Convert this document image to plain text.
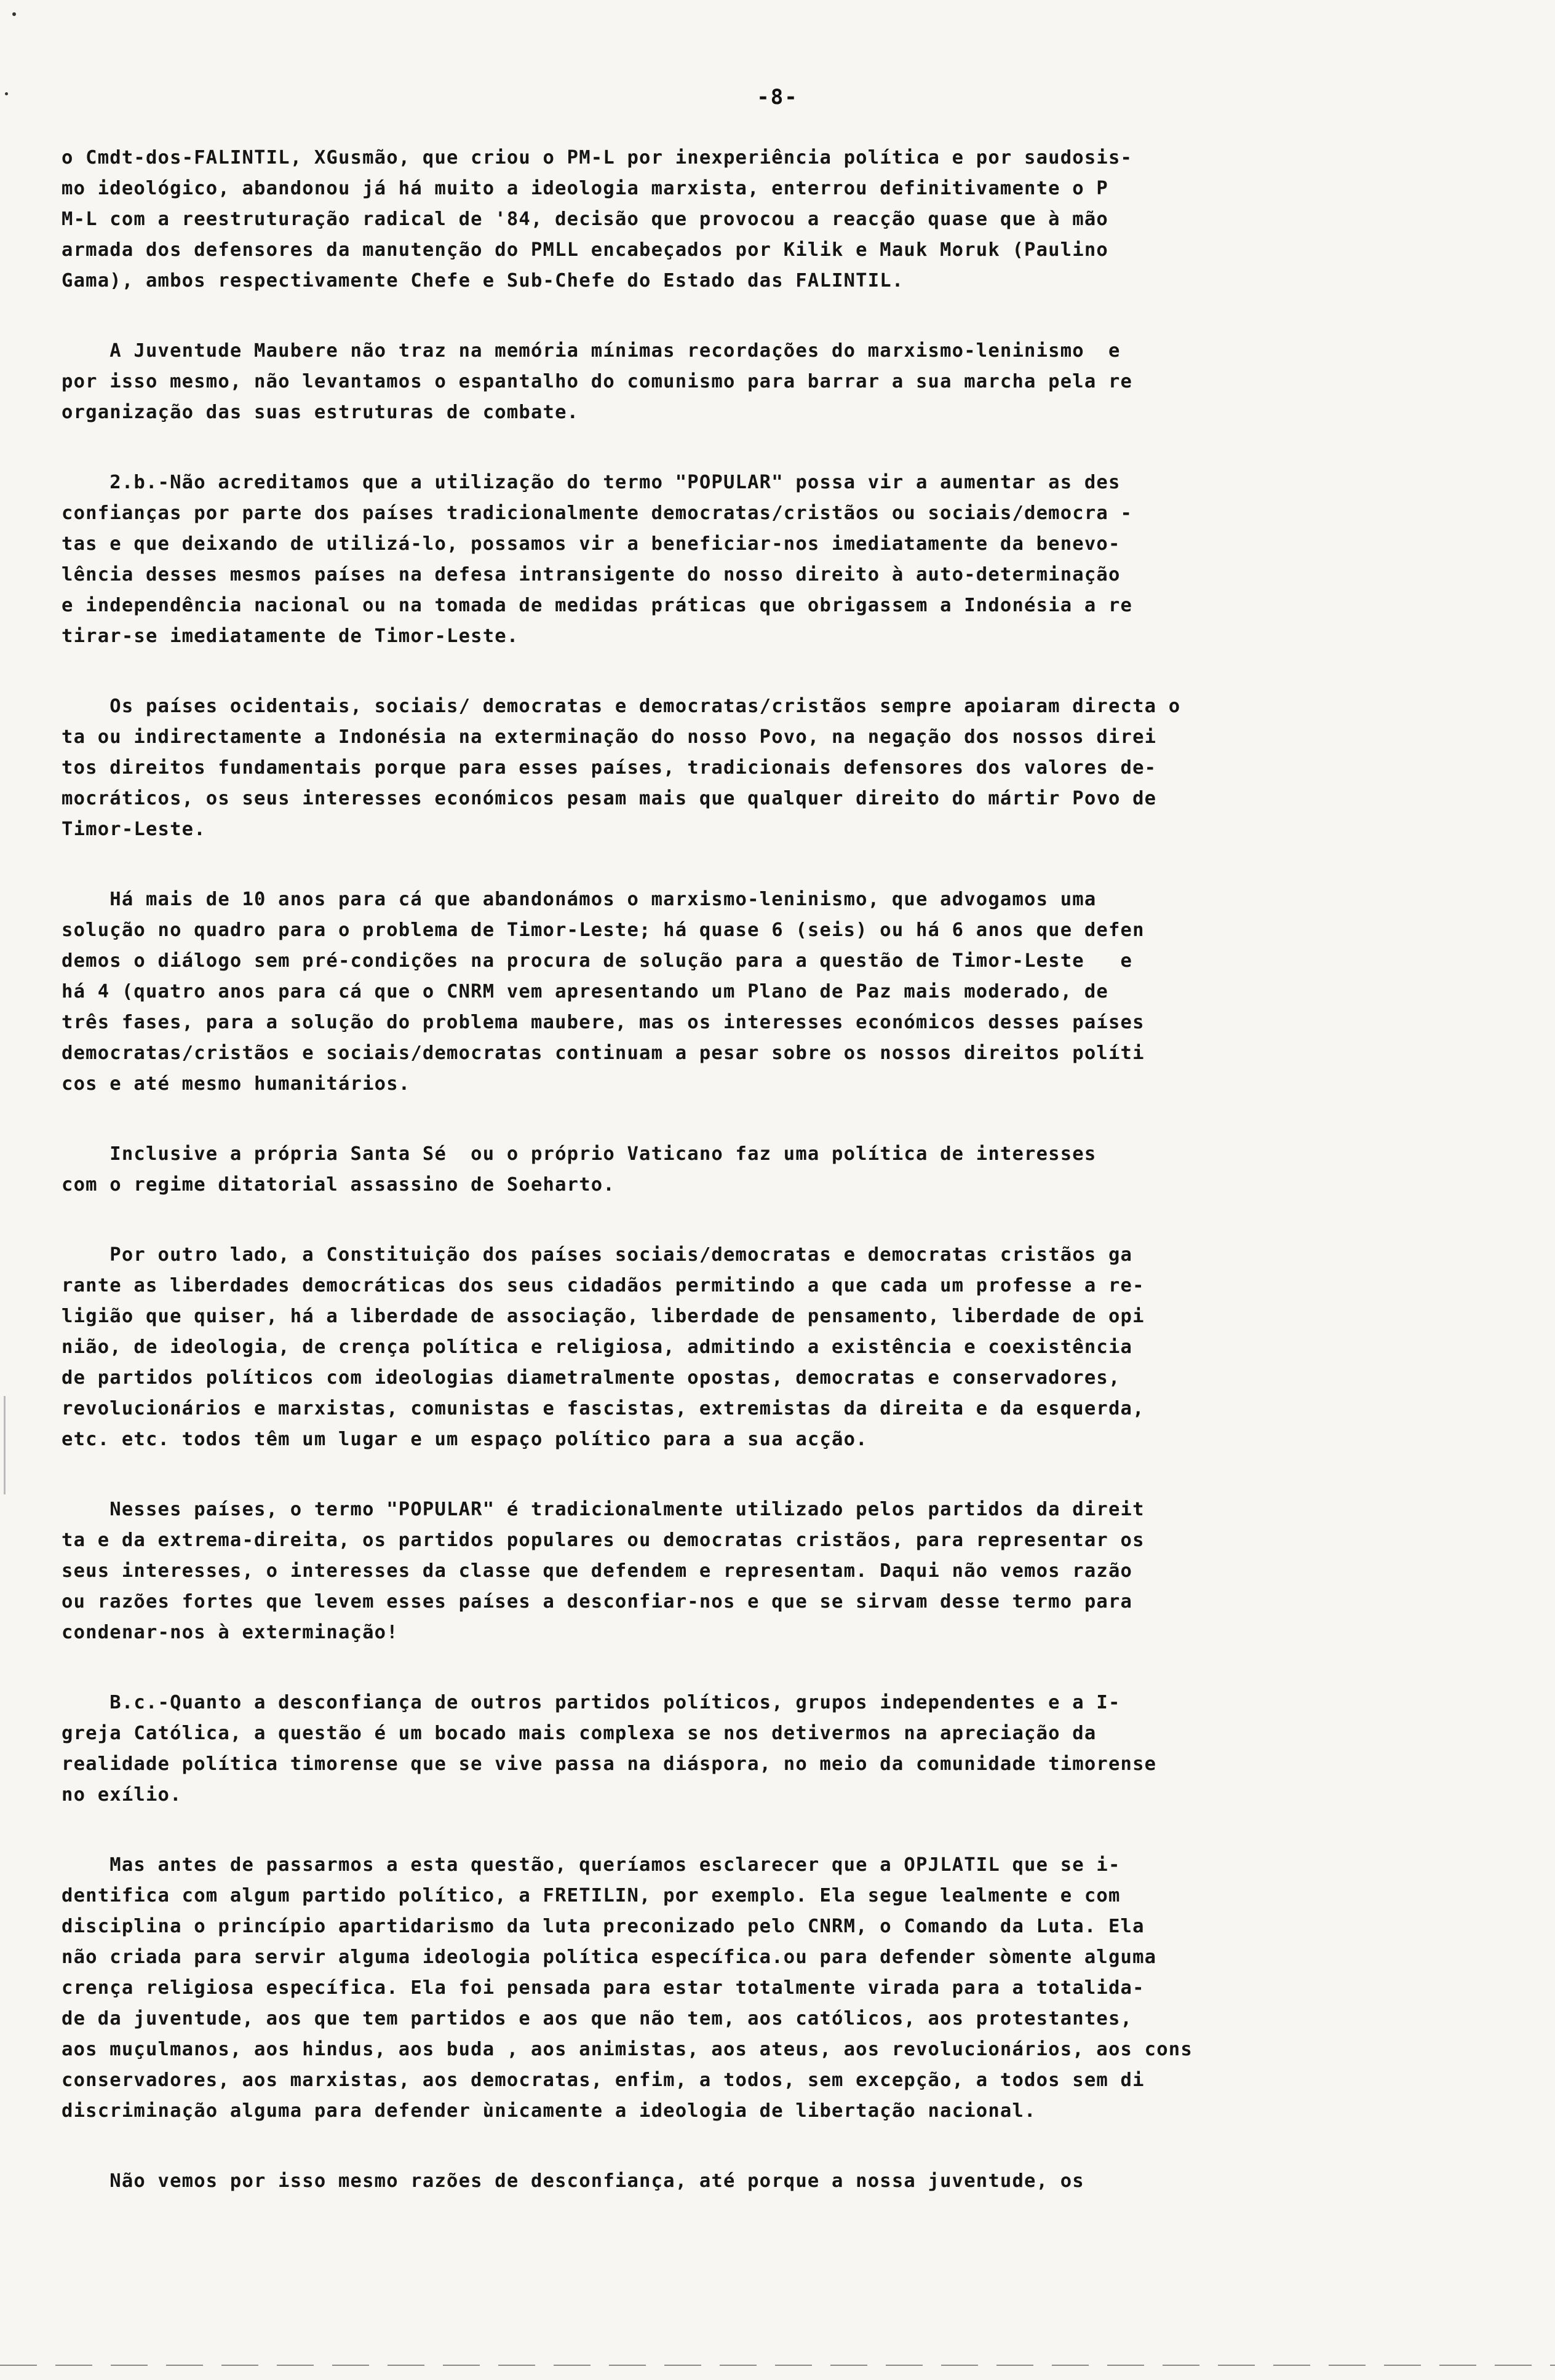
-8-
o Cmdt-dos-FALINTIL, XGusmão, que criou o PM-L por inexperiência política e por saudosis-
mo ideológico, abandonou já há muito a ideologia marxista, enterrou definitivamente o P
M-L com a reestruturação radical de '84, decisão que provocou a reacção quase que à mão
armada dos defensores da manutenção do PMLL encabeçados por Kilik e Mauk Moruk (Paulino
Gama), ambos respectivamente Chefe e Sub-Chefe do Estado das FALINTIL.
A Juventude Maubere não traz na memória mínimas recordações do marxismo-leninismo  e
por isso mesmo, não levantamos o espantalho do comunismo para barrar a sua marcha pela re
organização das suas estruturas de combate.
2.b.-Não acreditamos que a utilização do termo "POPULAR" possa vir a aumentar as des
confianças por parte dos países tradicionalmente democratas/cristãos ou sociais/democra -
tas e que deixando de utilizá-lo, possamos vir a beneficiar-nos imediatamente da benevo-
lência desses mesmos países na defesa intransigente do nosso direito à auto-determinação
e independência nacional ou na tomada de medidas práticas que obrigassem a Indonésia a re
tirar-se imediatamente de Timor-Leste.
Os países ocidentais, sociais/ democratas e democratas/cristãos sempre apoiaram directa o
ta ou indirectamente a Indonésia na exterminação do nosso Povo, na negação dos nossos direi
tos direitos fundamentais porque para esses países, tradicionais defensores dos valores de-
mocráticos, os seus interesses económicos pesam mais que qualquer direito do mártir Povo de
Timor-Leste.
Há mais de 10 anos para cá que abandonámos o marxismo-leninismo, que advogamos uma
solução no quadro para o problema de Timor-Leste; há quase 6 (seis) ou há 6 anos que defen
demos o diálogo sem pré-condições na procura de solução para a questão de Timor-Leste   e
há 4 (quatro anos para cá que o CNRM vem apresentando um Plano de Paz mais moderado, de
três fases, para a solução do problema maubere, mas os interesses económicos desses países
democratas/cristãos e sociais/democratas continuam a pesar sobre os nossos direitos políti
cos e até mesmo humanitários.
Inclusive a própria Santa Sé  ou o próprio Vaticano faz uma política de interesses
com o regime ditatorial assassino de Soeharto.
Por outro lado, a Constituição dos países sociais/democratas e democratas cristãos ga
rante as liberdades democráticas dos seus cidadãos permitindo a que cada um professe a re-
ligião que quiser, há a liberdade de associação, liberdade de pensamento, liberdade de opi
nião, de ideologia, de crença política e religiosa, admitindo a existência e coexistência
de partidos políticos com ideologias diametralmente opostas, democratas e conservadores,
revolucionários e marxistas, comunistas e fascistas, extremistas da direita e da esquerda,
etc. etc. todos têm um lugar e um espaço político para a sua acção.
Nesses países, o termo "POPULAR" é tradicionalmente utilizado pelos partidos da direit
ta e da extrema-direita, os partidos populares ou democratas cristãos, para representar os
seus interesses, o interesses da classe que defendem e representam. Daqui não vemos razão
ou razões fortes que levem esses países a desconfiar-nos e que se sirvam desse termo para
condenar-nos à exterminação!
B.c.-Quanto a desconfiança de outros partidos políticos, grupos independentes e a I-
greja Católica, a questão é um bocado mais complexa se nos detivermos na apreciação da
realidade política timorense que se vive passa na diáspora, no meio da comunidade timorense
no exílio.
Mas antes de passarmos a esta questão, queríamos esclarecer que a OPJLATIL que se i-
dentifica com algum partido político, a FRETILIN, por exemplo. Ela segue lealmente e com
disciplina o princípio apartidarismo da luta preconizado pelo CNRM, o Comando da Luta. Ela
não criada para servir alguma ideologia política específica.ou para defender sòmente alguma
crença religiosa específica. Ela foi pensada para estar totalmente virada para a totalida-
de da juventude, aos que tem partidos e aos que não tem, aos católicos, aos protestantes,
aos muçulmanos, aos hindus, aos buda , aos animistas, aos ateus, aos revolucionários, aos cons
conservadores, aos marxistas, aos democratas, enfim, a todos, sem excepção, a todos sem di
discriminação alguma para defender ùnicamente a ideologia de libertação nacional.
Não vemos por isso mesmo razões de desconfiança, até porque a nossa juventude, os
